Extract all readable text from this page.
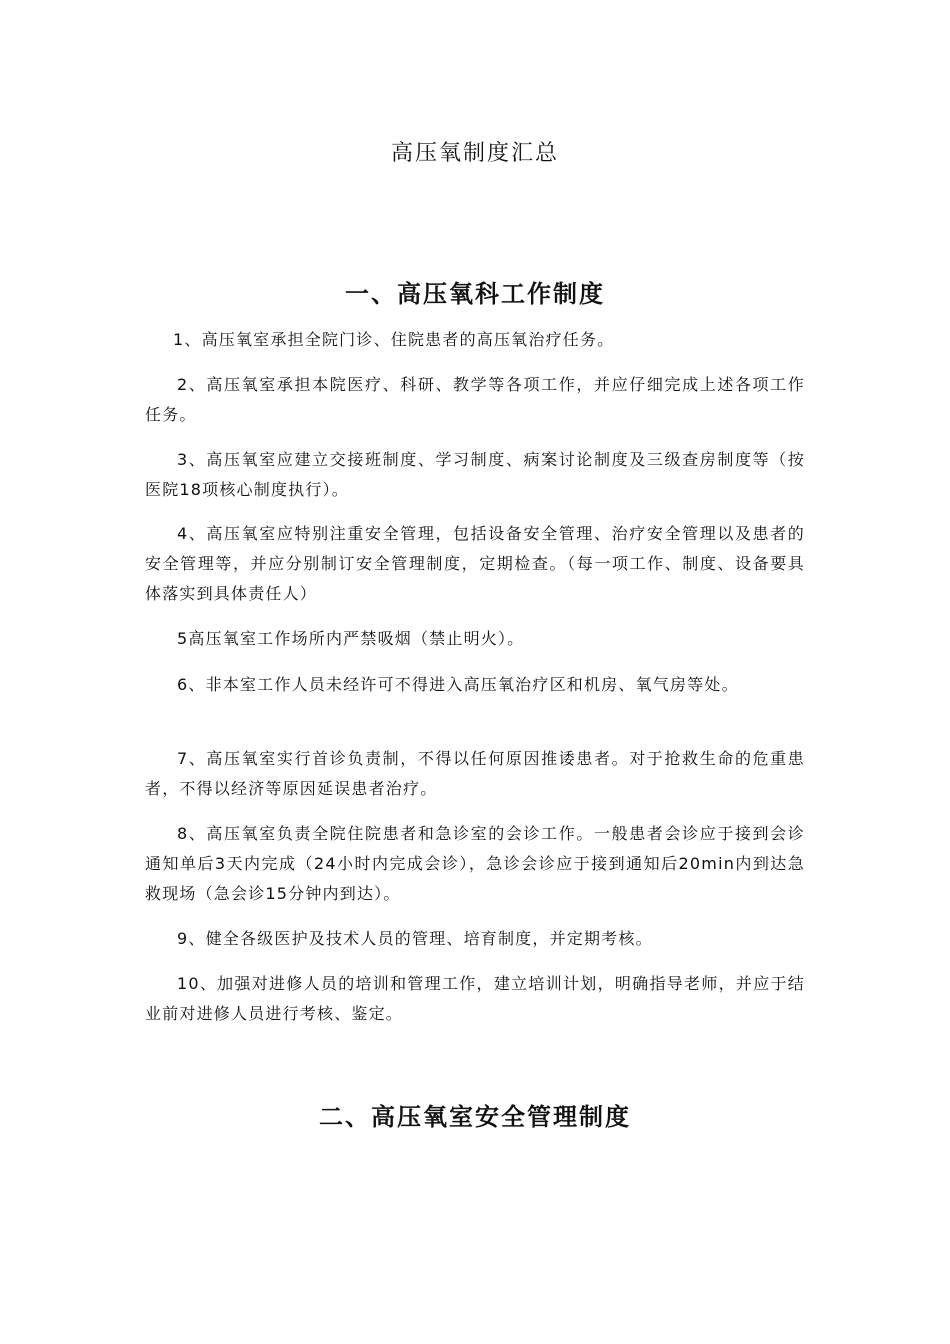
高压氧制度汇总
一、高压氧科工作制度

1、高压氧室承担全院门诊、住院患者的高压氧治疗任务。

2、高压氧室承担本院医疗、科研、教学等各项工作，并应仔细完成上述各项工作任务。

3、高压氧室应建立交接班制度、学习制度、病案讨论制度及三级查房制度等（按医院18项核心制度执行）。

4、高压氧室应特别注重安全管理，包括设备安全管理、治疗安全管理以及患者的安全管理等，并应分别制订安全管理制度，定期检查。（每一项工作、制度、设备要具体落实到具体责任人）

5高压氧室工作场所内严禁吸烟（禁止明火）。

6、非本室工作人员未经许可不得进入高压氧治疗区和机房、氧气房等处。

7、高压氧室实行首诊负责制，不得以任何原因推诿患者。对于抢救生命的危重患者，不得以经济等原因延误患者治疗。

8、高压氧室负责全院住院患者和急诊室的会诊工作。一般患者会诊应于接到会诊通知单后3天内完成（24小时内完成会诊），急诊会诊应于接到通知后20min内到达急救现场（急会诊15分钟内到达）。

9、健全各级医护及技术人员的管理、培育制度，并定期考核。

10、加强对进修人员的培训和管理工作，建立培训计划，明确指导老师，并应于结业前对进修人员进行考核、鉴定。

二、高压氧室安全管理制度
